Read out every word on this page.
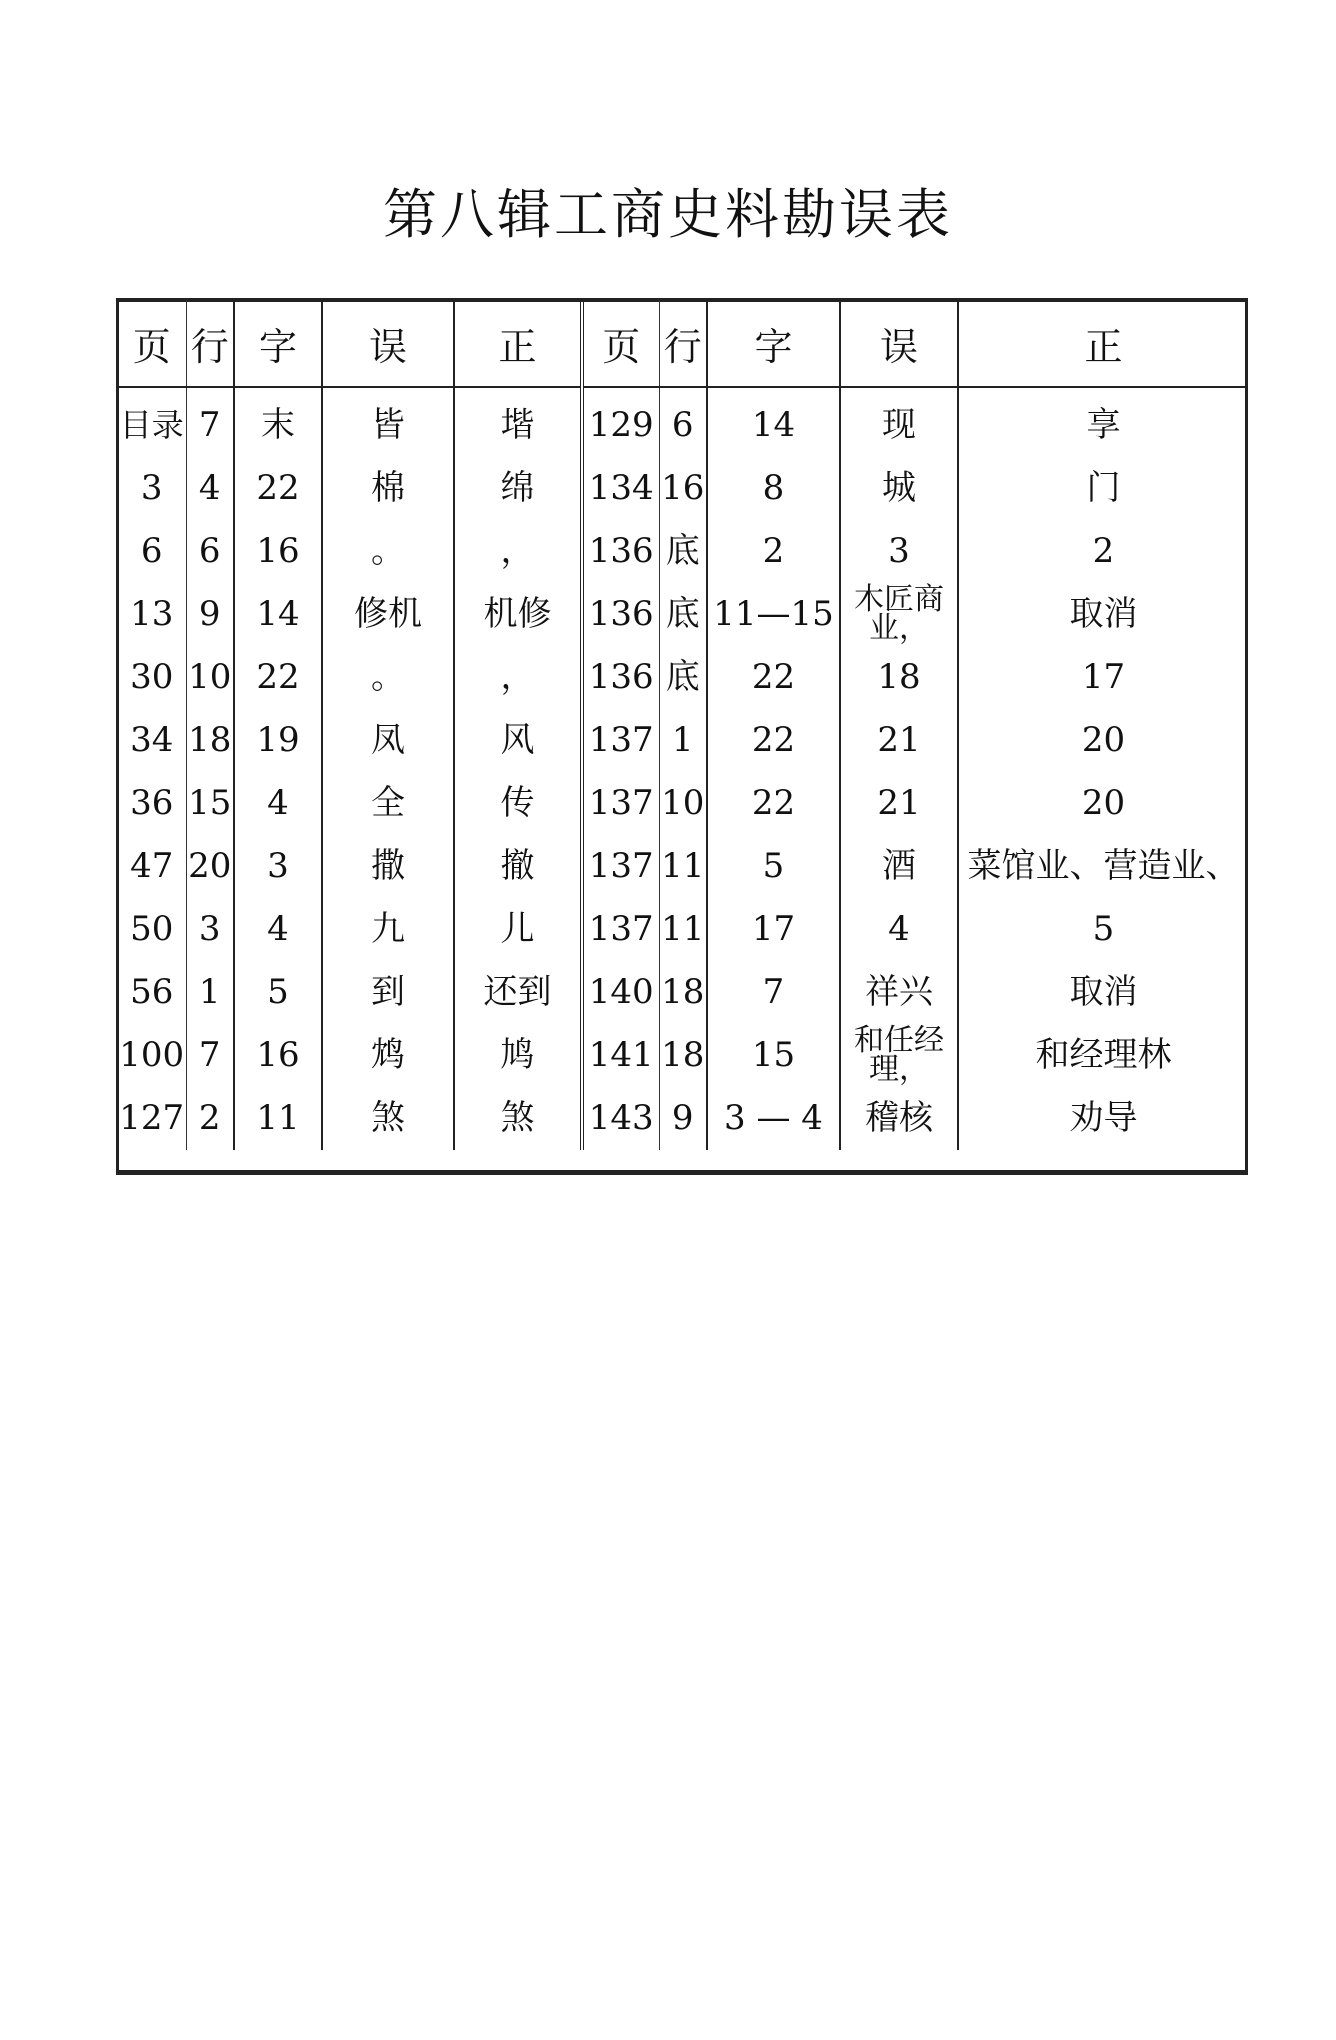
第八辑工商史料勘误表
页	行	字	误	正	页	行	字	误	正
目录	7	末	皆	堦	129	6	14	现	享
3	4	22	棉	绵	134	16	8	城	门
6	6	16	。	，	136	底	2	3	2
13	9	14	修机	机修	136	底	11—15	木匠商业，	取消
30	10	22	。	，	136	底	22	18	17
34	18	19	凤	风	137	1	22	21	20
36	15	4	全	传	137	10	22	21	20
47	20	3	撒	撤	137	11	5	酒	菜馆业、营造业、
50	3	4	九	儿	137	11	17	4	5
56	1	5	到	还到	140	18	7	祥兴	取消
100	7	16	鸩	鸠	141	18	15	和任经理，	和经理林
127	2	11	煞	煞	143	9	3 — 4	稽核	劝导
